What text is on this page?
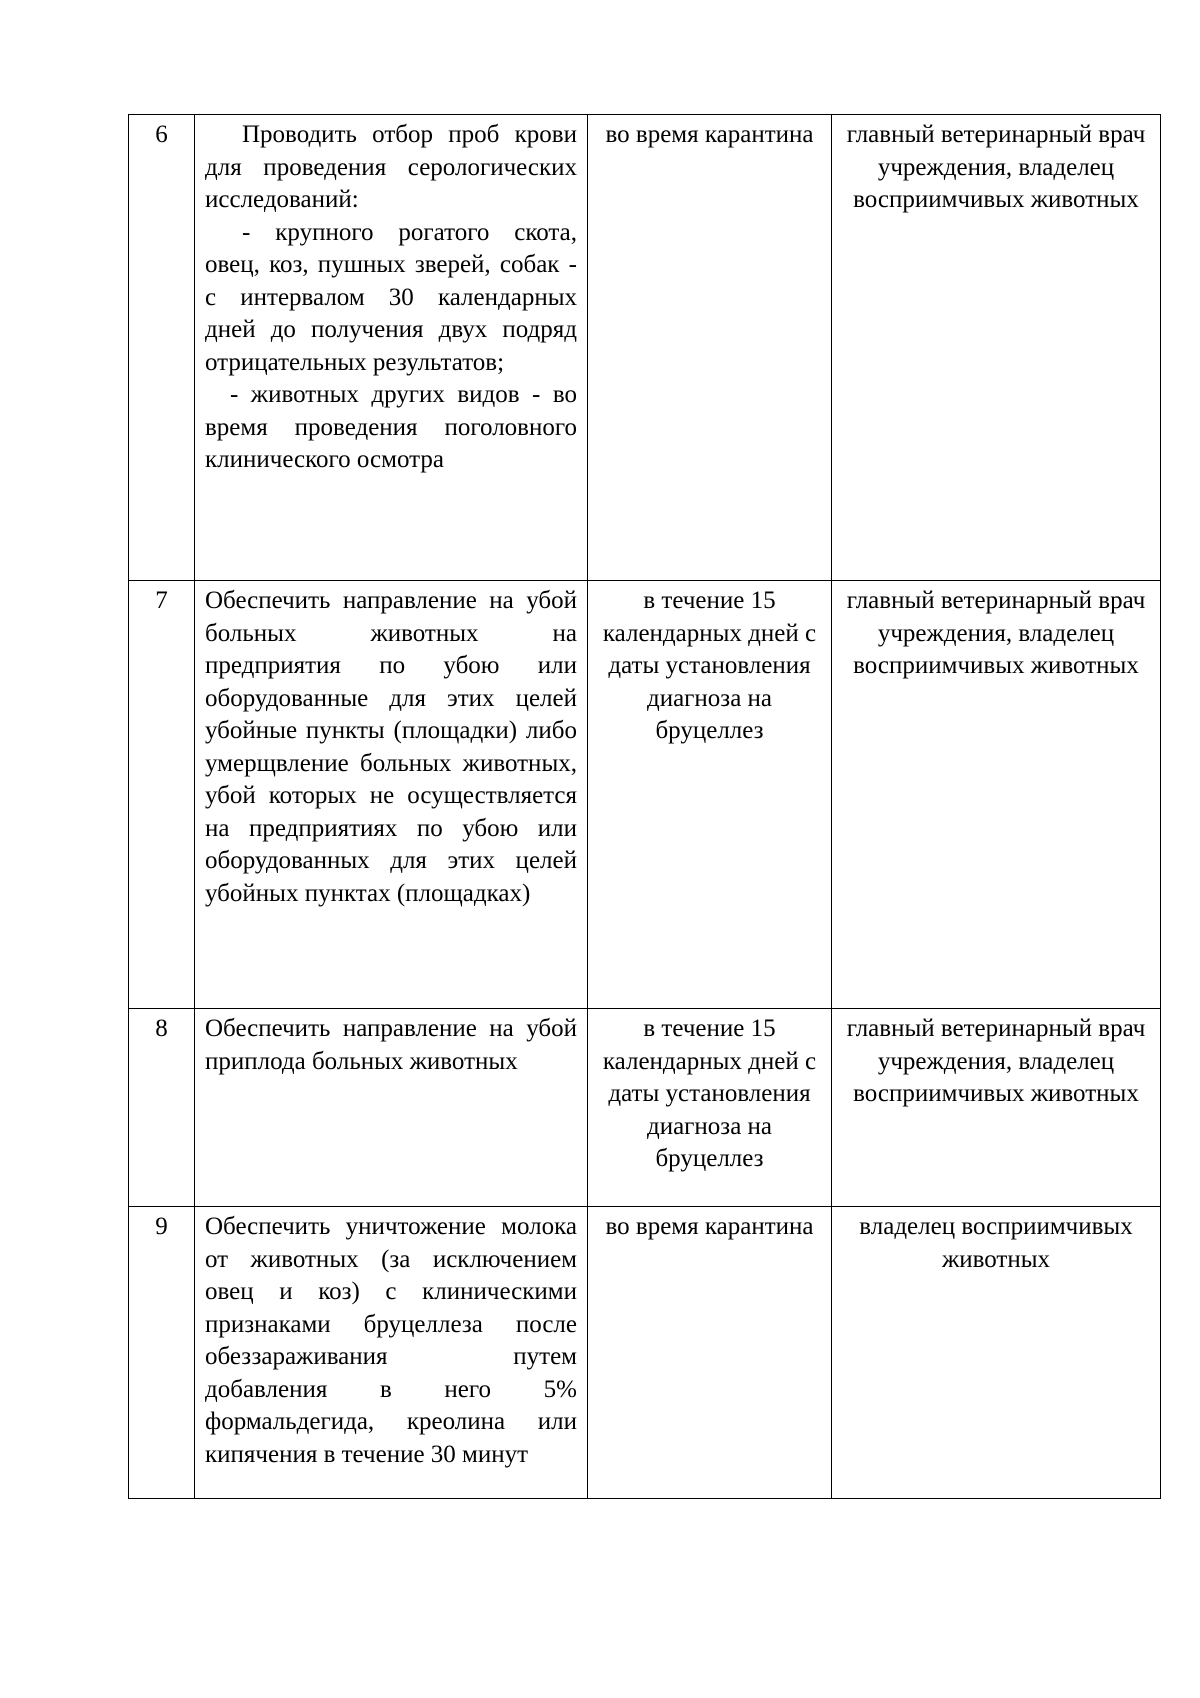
6	Проводить отбор проб крови для проведения серологических исследований:
- крупного рогатого скота, овец, коз, пушных зверей, собак - с интервалом 30 календарных дней до получения двух подряд отрицательных результатов;
- животных других видов - во время проведения поголовного клинического осмотра	во время карантина	главный ветеринарный врач учреждения, владелец восприимчивых животных
7	Обеспечить направление на убой больных животных на предприятия по убою или оборудованные для этих целей убойные пункты (площадки) либо умерщвление больных животных, убой которых не осуществляется на предприятиях по убою или оборудованных для этих целей убойных пунктах (площадках)	в течение 15 календарных дней с даты установления диагноза на бруцеллез	главный ветеринарный врач учреждения, владелец восприимчивых животных
8	Обеспечить направление на убой приплода больных животных	в течение 15 календарных дней с даты установления диагноза на бруцеллез	главный ветеринарный врач учреждения, владелец восприимчивых животных
9	Обеспечить уничтожение молока от животных (за исключением овец и коз) с клиническими признаками бруцеллеза после обеззараживания путем добавления в него 5% формальдегида, креолина или кипячения в течение 30 минут	во время карантина	владелец восприимчивых животных
